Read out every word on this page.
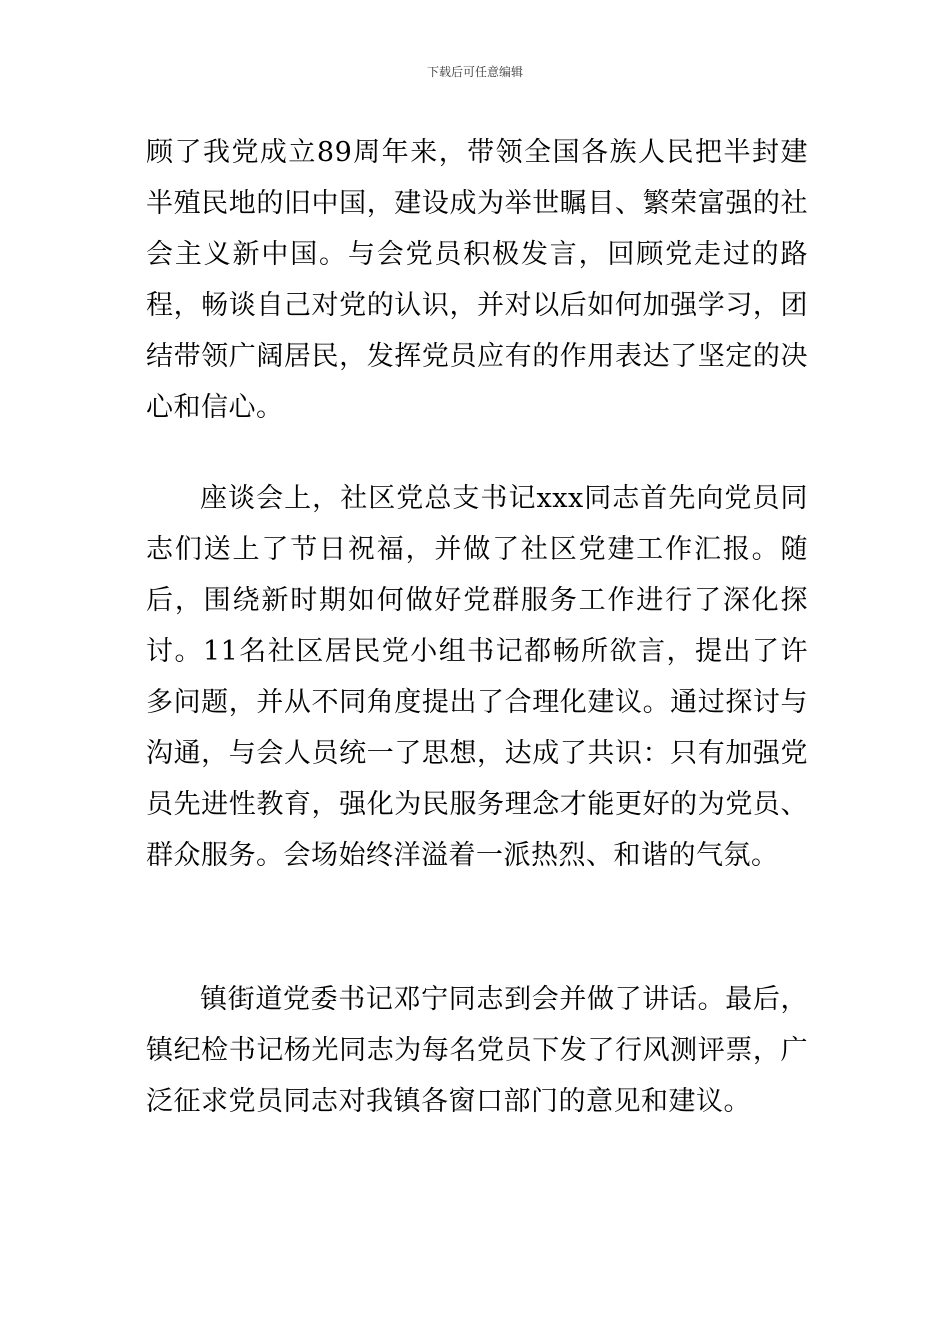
下载后可任意编辑

顾了我党成立89周年来，带领全国各族人民把半封建半殖民地的旧中国，建设成为举世瞩目、繁荣富强的社会主义新中国。与会党员积极发言，回顾党走过的路程，畅谈自己对党的认识，并对以后如何加强学习，团结带领广阔居民，发挥党员应有的作用表达了坚定的决心和信心。

座谈会上，社区党总支书记xxx同志首先向党员同志们送上了节日祝福，并做了社区党建工作汇报。随后，围绕新时期如何做好党群服务工作进行了深化探讨。11名社区居民党小组书记都畅所欲言，提出了许多问题，并从不同角度提出了合理化建议。通过探讨与沟通，与会人员统一了思想，达成了共识：只有加强党员先进性教育，强化为民服务理念才能更好的为党员、群众服务。会场始终洋溢着一派热烈、和谐的气氛。

镇街道党委书记邓宁同志到会并做了讲话。最后，镇纪检书记杨光同志为每名党员下发了行风测评票，广泛征求党员同志对我镇各窗口部门的意见和建议。
